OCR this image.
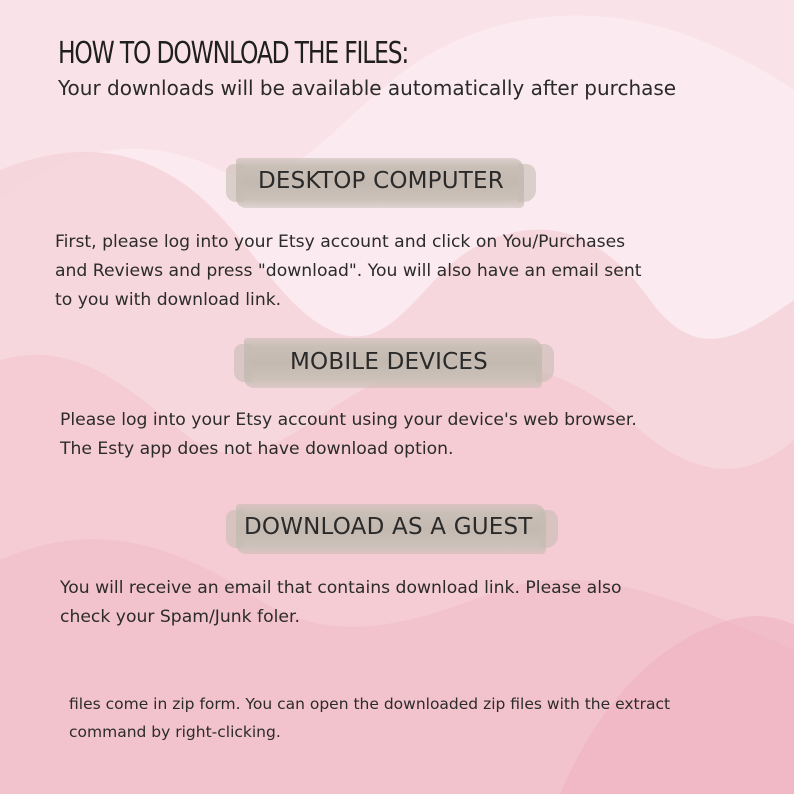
HOW TO DOWNLOAD THE FILES:
Your downloads will be available automatically after purchase
DESKTOP COMPUTER
First, please log into your Etsy account and click on You/Purchases
and Reviews and press "download". You will also have an email sent
to you with download link.
MOBILE DEVICES
Please log into your Etsy account using your device's web browser.
The Esty app does not have download option.
DOWNLOAD AS A GUEST
You will receive an email that contains download link. Please also
check your Spam/Junk foler.
files come in zip form. You can open the downloaded zip files with the extract
command by right-clicking.
